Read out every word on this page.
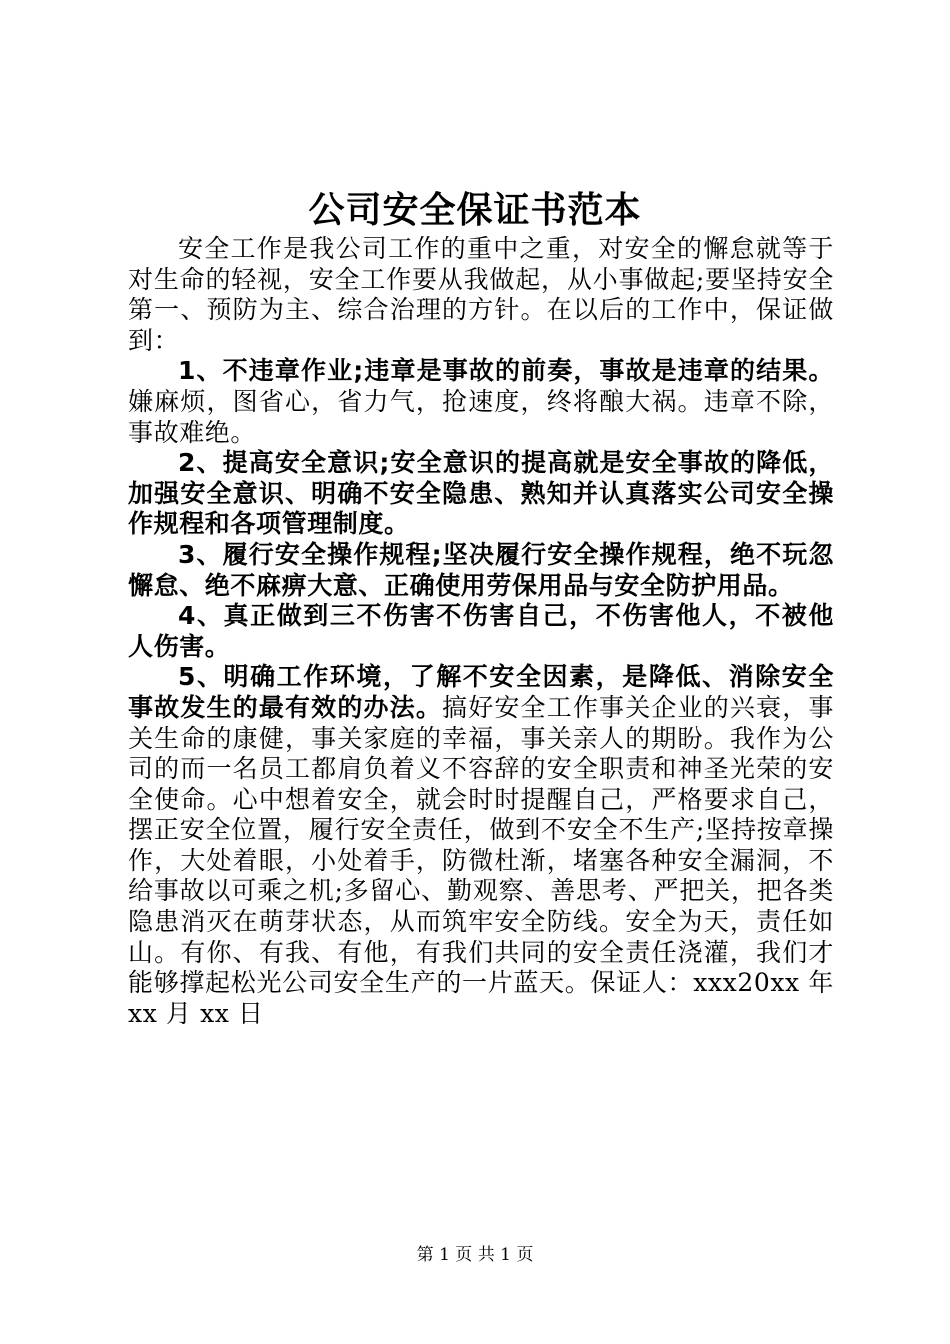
公司安全保证书范本

安全工作是我公司工作的重中之重，对安全的懈怠就等于对生命的轻视，安全工作要从我做起，从小事做起;要坚持安全第一、预防为主、综合治理的方针。在以后的工作中，保证做到：

1、不违章作业;违章是事故的前奏，事故是违章的结果。嫌麻烦，图省心，省力气，抢速度，终将酿大祸。违章不除，事故难绝。

2、提高安全意识;安全意识的提高就是安全事故的降低，加强安全意识、明确不安全隐患、熟知并认真落实公司安全操作规程和各项管理制度。

3、履行安全操作规程;坚决履行安全操作规程，绝不玩忽懈怠、绝不麻痹大意、正确使用劳保用品与安全防护用品。

4、真正做到三不伤害不伤害自己，不伤害他人，不被他人伤害。

5、明确工作环境，了解不安全因素，是降低、消除安全事故发生的最有效的办法。搞好安全工作事关企业的兴衰，事关生命的康健，事关家庭的幸福，事关亲人的期盼。我作为公司的而一名员工都肩负着义不容辞的安全职责和神圣光荣的安全使命。心中想着安全，就会时时提醒自己，严格要求自己，摆正安全位置，履行安全责任，做到不安全不生产;坚持按章操作，大处着眼，小处着手，防微杜渐，堵塞各种安全漏洞，不给事故以可乘之机;多留心、勤观察、善思考、严把关，把各类隐患消灭在萌芽状态，从而筑牢安全防线。安全为天，责任如山。有你、有我、有他，有我们共同的安全责任浇灌，我们才能够撑起松光公司安全生产的一片蓝天。保证人：xxx20xx 年 xx 月 xx 日

第 1 页 共 1 页
